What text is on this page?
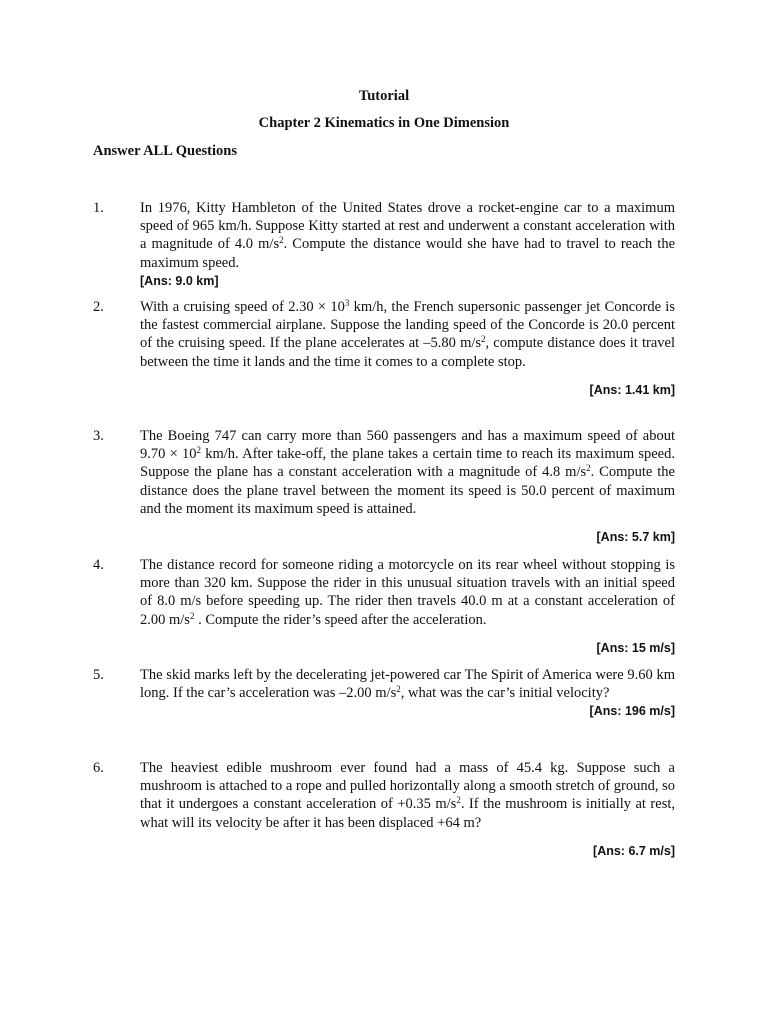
Tutorial
Chapter 2 Kinematics in One Dimension
Answer ALL Questions
1. In 1976, Kitty Hambleton of the United States drove a rocket-engine car to a maximum speed of 965 km/h. Suppose Kitty started at rest and underwent a constant acceleration with a magnitude of 4.0 $m/s^2$. Compute the distance would she have had to travel to reach the maximum speed.
[Ans: 9.0 km]
2. With a cruising speed of $2.30 \times 10^3$ km/h, the French supersonic passenger jet Concorde is the fastest commercial airplane. Suppose the landing speed of the Concorde is 20.0 percent of the cruising speed. If the plane accelerates at –5.80 $m/s^2$, compute distance does it travel between the time it lands and the time it comes to a complete stop.
[Ans: 1.41 km]
3. The Boeing 747 can carry more than 560 passengers and has a maximum speed of about $9.70 \times 10^2$ km/h. After take-off, the plane takes a certain time to reach its maximum speed. Suppose the plane has a constant acceleration with a magnitude of 4.8 $m/s^2$. Compute the distance does the plane travel between the moment its speed is 50.0 percent of maximum and the moment its maximum speed is attained.
[Ans: 5.7 km]
4. The distance record for someone riding a motorcycle on its rear wheel without stopping is more than 320 km. Suppose the rider in this unusual situation travels with an initial speed of 8.0 m/s before speeding up. The rider then travels 40.0 m at a constant acceleration of 2.00 $m/s^2$ . Compute the rider’s speed after the acceleration.
[Ans: 15 m/s]
5. The skid marks left by the decelerating jet-powered car The Spirit of America were 9.60 km long. If the car’s acceleration was –2.00 $m/s^2$, what was the car’s initial velocity?
[Ans: 196 m/s]
6. The heaviest edible mushroom ever found had a mass of 45.4 kg. Suppose such a mushroom is attached to a rope and pulled horizontally along a smooth stretch of ground, so that it undergoes a constant acceleration of +0.35 $m/s^2$. If the mushroom is initially at rest, what will its velocity be after it has been displaced +64 m?
[Ans: 6.7 m/s]
